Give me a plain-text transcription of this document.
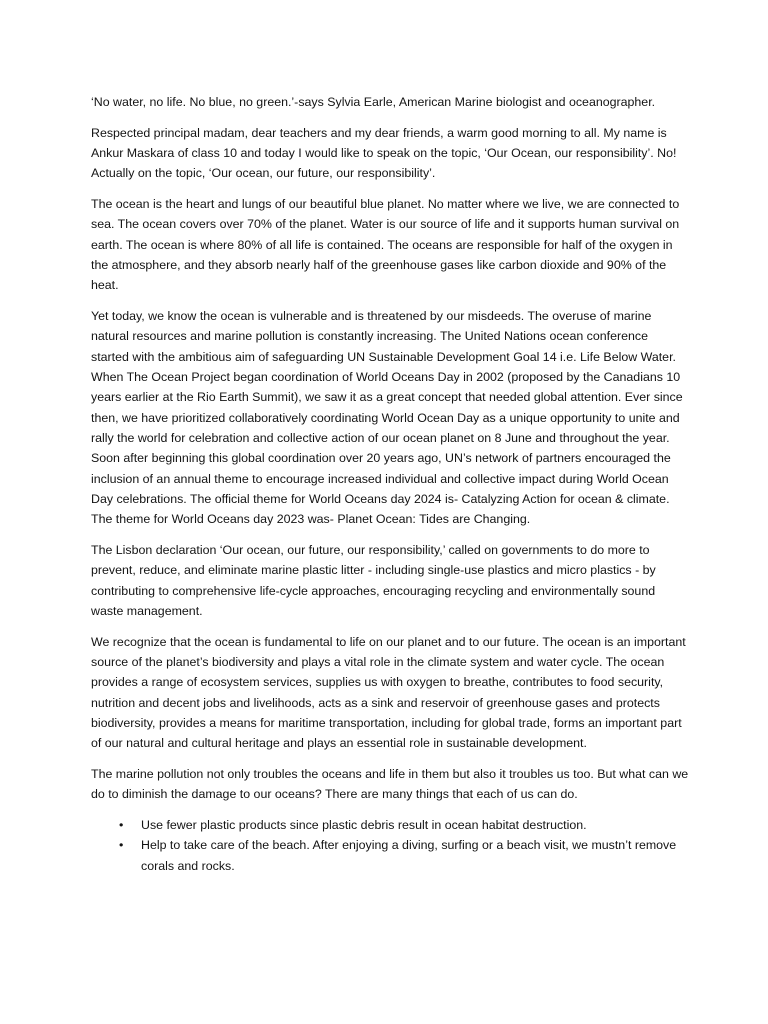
‘No water, no life. No blue, no green.’-says Sylvia Earle, American Marine biologist and oceanographer.

Respected principal madam, dear teachers and my dear friends, a warm good morning to all. My name is Ankur Maskara of class 10 and today I would like to speak on the topic, ‘Our Ocean, our responsibility’. No! Actually on the topic, ‘Our ocean, our future, our responsibility’.

The ocean is the heart and lungs of our beautiful blue planet. No matter where we live, we are connected to sea. The ocean covers over 70% of the planet. Water is our source of life and it supports human survival on earth. The ocean is where 80% of all life is contained. The oceans are responsible for half of the oxygen in the atmosphere, and they absorb nearly half of the greenhouse gases like carbon dioxide and 90% of the heat.

Yet today, we know the ocean is vulnerable and is threatened by our misdeeds. The overuse of marine natural resources and marine pollution is constantly increasing. The United Nations ocean conference started with the ambitious aim of safeguarding UN Sustainable Development Goal 14 i.e. Life Below Water. When The Ocean Project began coordination of World Oceans Day in 2002 (proposed by the Canadians 10 years earlier at the Rio Earth Summit), we saw it as a great concept that needed global attention. Ever since then, we have prioritized collaboratively coordinating World Ocean Day as a unique opportunity to unite and rally the world for celebration and collective action of our ocean planet on 8 June and throughout the year. Soon after beginning this global coordination over 20 years ago, UN’s network of partners encouraged the inclusion of an annual theme to encourage increased individual and collective impact during World Ocean Day celebrations. The official theme for World Oceans day 2024 is- Catalyzing Action for ocean & climate. The theme for World Oceans day 2023 was- Planet Ocean: Tides are Changing.

The Lisbon declaration ‘Our ocean, our future, our responsibility,’ called on governments to do more to prevent, reduce, and eliminate marine plastic litter - including single-use plastics and micro plastics - by contributing to comprehensive life-cycle approaches, encouraging recycling and environmentally sound waste management.

We recognize that the ocean is fundamental to life on our planet and to our future. The ocean is an important source of the planet’s biodiversity and plays a vital role in the climate system and water cycle. The ocean provides a range of ecosystem services, supplies us with oxygen to breathe, contributes to food security, nutrition and decent jobs and livelihoods, acts as a sink and reservoir of greenhouse gases and protects biodiversity, provides a means for maritime transportation, including for global trade, forms an important part of our natural and cultural heritage and plays an essential role in sustainable development.

The marine pollution not only troubles the oceans and life in them but also it troubles us too. But what can we do to diminish the damage to our oceans? There are many things that each of us can do.

• Use fewer plastic products since plastic debris result in ocean habitat destruction.
• Help to take care of the beach. After enjoying a diving, surfing or a beach visit, we mustn’t remove corals and rocks.
